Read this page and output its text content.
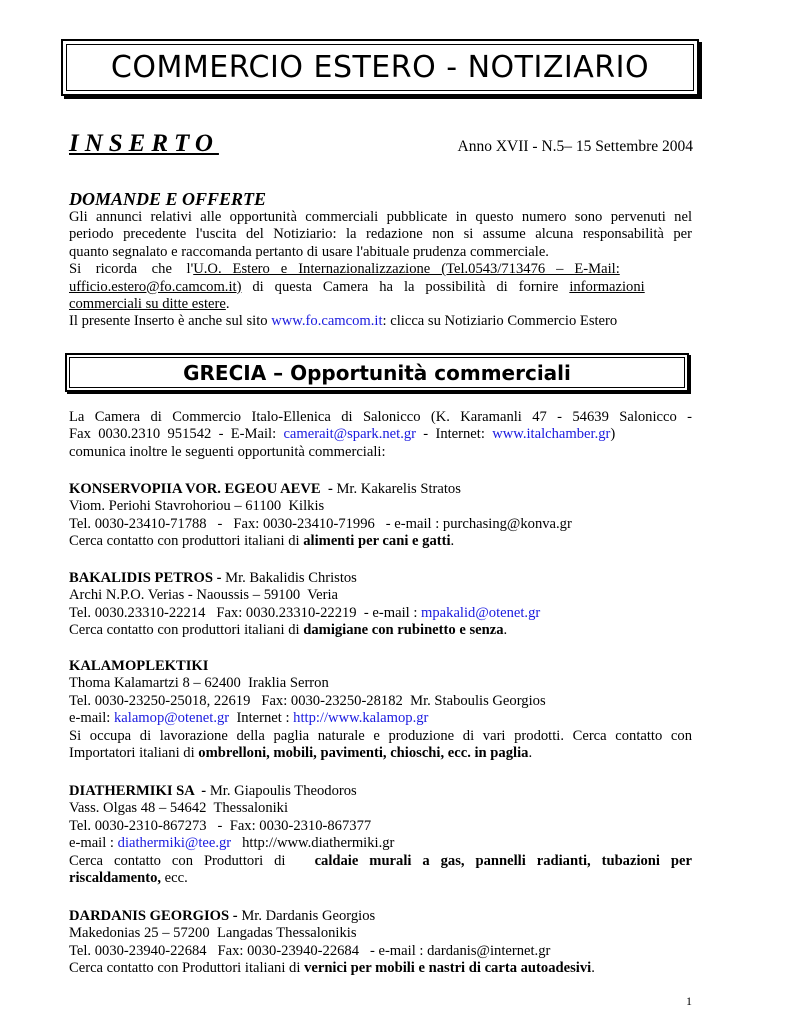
COMMERCIO ESTERO - NOTIZIARIO
INSERTO	Anno XVII - N.5– 15 Settembre 2004
DOMANDE E OFFERTE
Gli annunci relativi alle opportunità commerciali pubblicate in questo numero sono pervenuti nel
periodo precedente l'uscita del Notiziario: la redazione non si assume alcuna responsabilità per
quanto segnalato e raccomanda pertanto di usare l'abituale prudenza commerciale.
Si    ricorda    che    l'U.O.   Estero   e   Internazionalizzazione   (Tel.0543/713476   –   E-Mail:
ufficio.estero@fo.camcom.it)   di   questa   Camera   ha   la   possibilità   di   fornire   informazioni
commerciali su ditte estere.
Il presente Inserto è anche sul sito www.fo.camcom.it: clicca su Notiziario Commercio Estero
GRECIA – Opportunità commerciali
La Camera di Commercio Italo-Ellenica di Salonicco (K. Karamanli 47 - 54639 Salonicco -
Fax  0030.2310  951542  -  E-Mail:  camerait@spark.net.gr  -  Internet:  www.italchamber.gr)
comunica inoltre le seguenti opportunità commerciali:
KONSERVOPIIA VOR. EGEOU AEVE  - Mr. Kakarelis Stratos
Viom. Periohi Stavrohoriou – 61100  Kilkis
Tel. 0030-23410-71788   -   Fax: 0030-23410-71996   - e-mail : purchasing@konva.gr
Cerca contatto con produttori italiani di alimenti per cani e gatti.
BAKALIDIS PETROS - Mr. Bakalidis Christos
Archi N.P.O. Verias - Naoussis – 59100  Veria
Tel. 0030.23310-22214   Fax: 0030.23310-22219  - e-mail : mpakalid@otenet.gr
Cerca contatto con produttori italiani di damigiane con rubinetto e senza.
KALAMOPLEKTIKI
Thoma Kalamartzi 8 – 62400  Iraklia Serron
Tel. 0030-23250-25018, 22619   Fax: 0030-23250-28182  Mr. Staboulis Georgios
e-mail: kalamop@otenet.gr  Internet : http://www.kalamop.gr
Si occupa di lavorazione della paglia naturale e produzione di vari prodotti. Cerca contatto con
Importatori italiani di ombrelloni, mobili, pavimenti, chioschi, ecc. in paglia.
DIATHERMIKI SA  - Mr. Giapoulis Theodoros
Vass. Olgas 48 – 54642  Thessaloniki
Tel. 0030-2310-867273   -  Fax: 0030-2310-867377
e-mail : diathermiki@tee.gr   http://www.diathermiki.gr
Cerca   contatto   con   Produttori   di caldaie   murali   a   gas,   pannelli   radianti,   tubazioni   per
riscaldamento, ecc.
DARDANIS GEORGIOS - Mr. Dardanis Georgios
Makedonias 25 – 57200  Langadas Thessalonikis
Tel. 0030-23940-22684   Fax: 0030-23940-22684   - e-mail : dardanis@internet.gr
Cerca contatto con Produttori italiani di vernici per mobili e nastri di carta autoadesivi.
1
